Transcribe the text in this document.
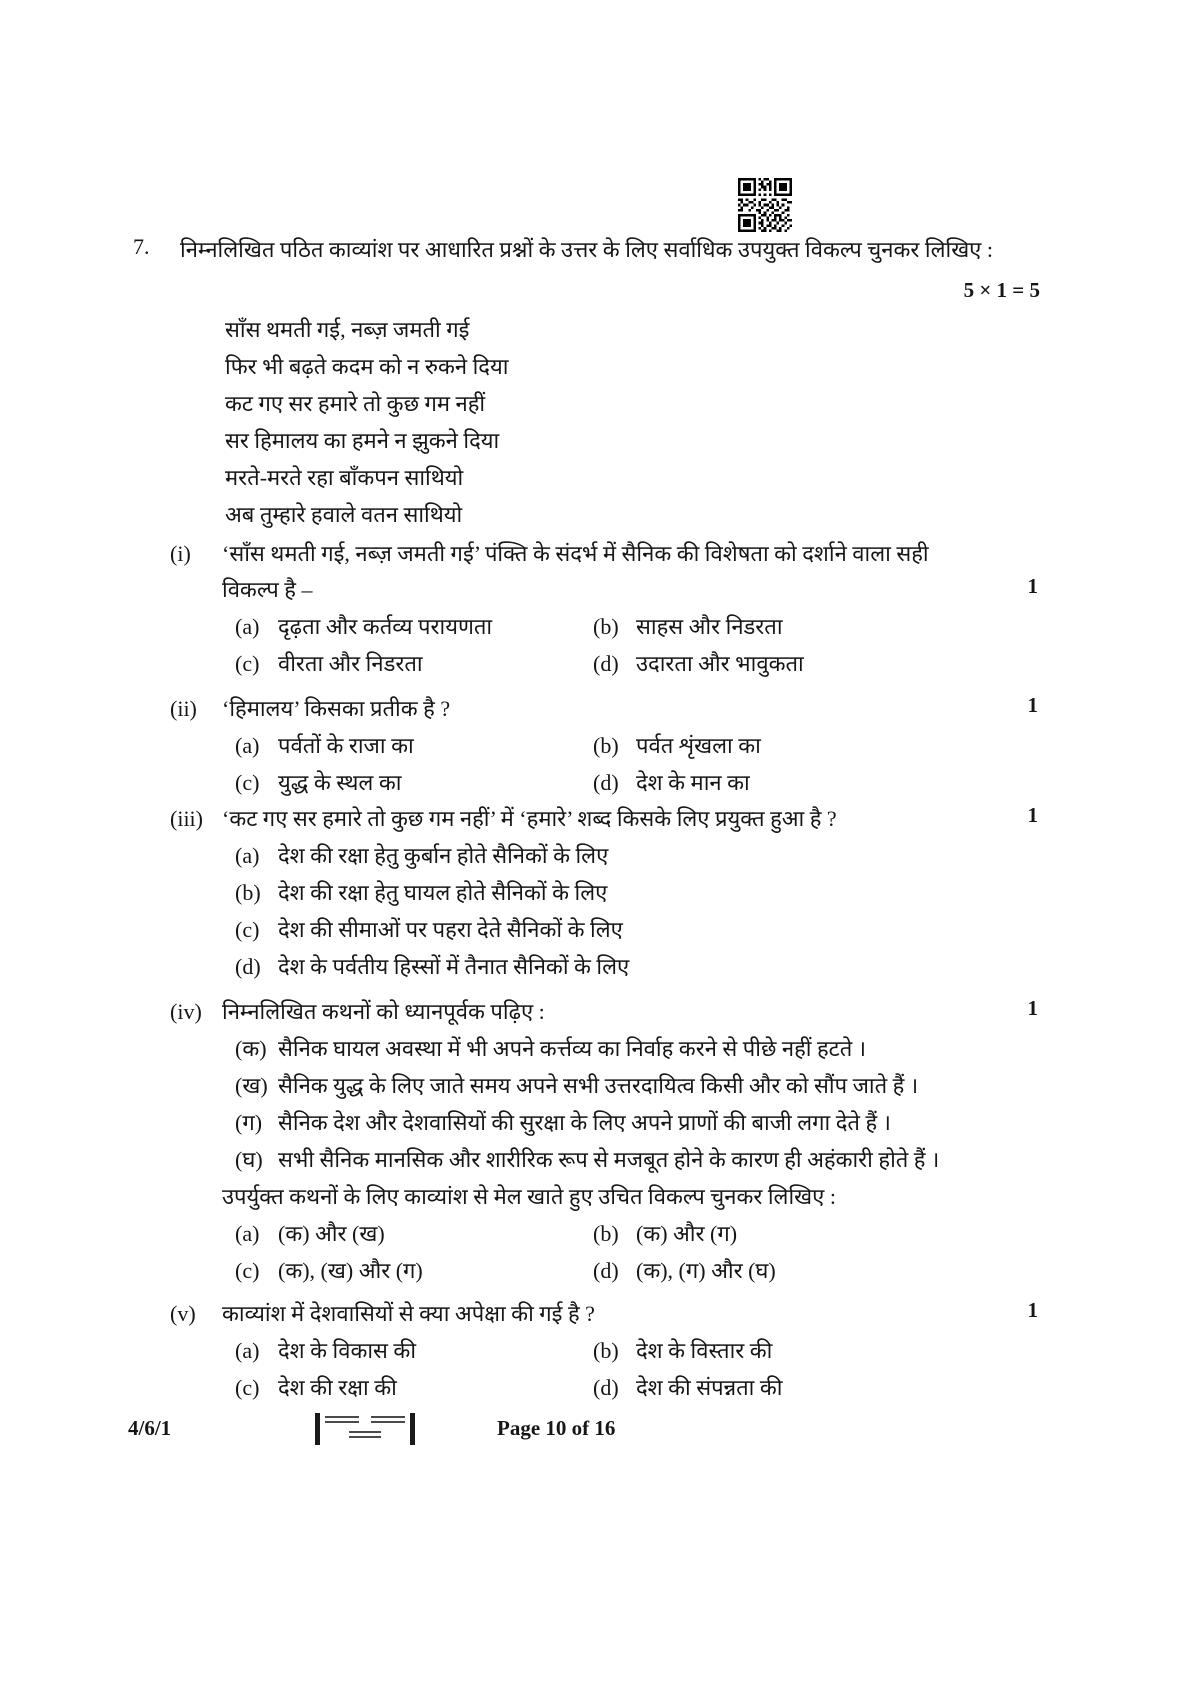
7.	निम्नलिखित पठित काव्यांश पर आधारित प्रश्नों के उत्तर के लिए सर्वाधिक उपयुक्त विकल्प चुनकर लिखिए :
5 × 1 = 5
साँस थमती गई, नब्ज़ जमती गई
फिर भी बढ़ते कदम को न रुकने दिया
कट गए सर हमारे तो कुछ गम नहीं
सर हिमालय का हमने न झुकने दिया
मरते-मरते रहा बाँकपन साथियो
अब तुम्हारे हवाले वतन साथियो
(i) ‘साँस थमती गई, नब्ज़ जमती गई’ पंक्ति के संदर्भ में सैनिक की विशेषता को दर्शाने वाला सही
विकल्प है –	1
(a) दृढ़ता और कर्तव्य परायणता	(b) साहस और निडरता
(c) वीरता और निडरता	(d) उदारता और भावुकता
(ii) ‘हिमालय’ किसका प्रतीक है ?	1
(a) पर्वतों के राजा का	(b) पर्वत शृंखला का
(c) युद्ध के स्थल का	(d) देश के मान का
(iii) ‘कट गए सर हमारे तो कुछ गम नहीं’ में ‘हमारे’ शब्द किसके लिए प्रयुक्त हुआ है ?	1
(a) देश की रक्षा हेतु कुर्बान होते सैनिकों के लिए
(b) देश की रक्षा हेतु घायल होते सैनिकों के लिए
(c) देश की सीमाओं पर पहरा देते सैनिकों के लिए
(d) देश के पर्वतीय हिस्सों में तैनात सैनिकों के लिए
(iv) निम्नलिखित कथनों को ध्यानपूर्वक पढ़िए :	1
(क) सैनिक घायल अवस्था में भी अपने कर्त्तव्य का निर्वाह करने से पीछे नहीं हटते ।
(ख) सैनिक युद्ध के लिए जाते समय अपने सभी उत्तरदायित्व किसी और को सौंप जाते हैं ।
(ग) सैनिक देश और देशवासियों की सुरक्षा के लिए अपने प्राणों की बाजी लगा देते हैं ।
(घ) सभी सैनिक मानसिक और शारीरिक रूप से मजबूत होने के कारण ही अहंकारी होते हैं ।
उपर्युक्त कथनों के लिए काव्यांश से मेल खाते हुए उचित विकल्प चुनकर लिखिए :
(a) (क) और (ख)	(b) (क) और (ग)
(c) (क), (ख) और (ग)	(d) (क), (ग) और (घ)
(v) काव्यांश में देशवासियों से क्या अपेक्षा की गई है ?	1
(a) देश के विकास की	(b) देश के विस्तार की
(c) देश की रक्षा की	(d) देश की संपन्नता की
4/6/1	Page 10 of 16
